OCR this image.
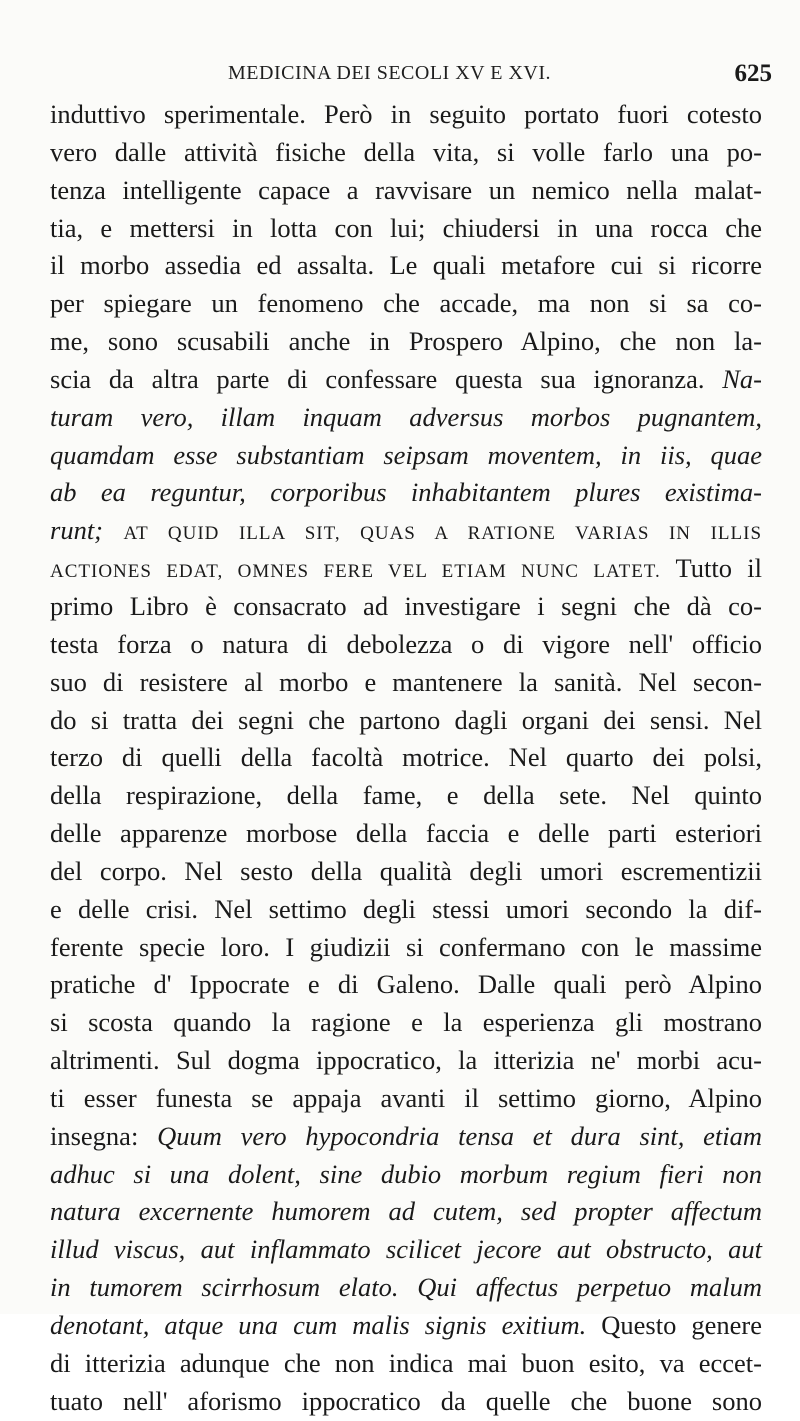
MEDICINA DEI SECOLI XV E XVI.	625
induttivo sperimentale. Però in seguito portato fuori cotesto
vero dalle attività fisiche della vita, si volle farlo una po-
tenza intelligente capace a ravvisare un nemico nella malat-
tia, e mettersi in lotta con lui; chiudersi in una rocca che
il morbo assedia ed assalta. Le quali metafore cui si ricorre
per spiegare un fenomeno che accade, ma non si sa co-
me, sono scusabili anche in Prospero Alpino, che non la-
scia da altra parte di confessare questa sua ignoranza. Na-
turam vero, illam inquam adversus morbos pugnantem,
quamdam esse substantiam seipsam moventem, in iis, quae
ab ea reguntur, corporibus inhabitantem plures existima-
runt; AT QUID ILLA SIT, QUAS A RATIONE VARIAS IN ILLIS
ACTIONES EDAT, OMNES FERE VEL ETIAM NUNC LATET. Tutto il
primo Libro è consacrato ad investigare i segni che dà co-
testa forza o natura di debolezza o di vigore nell' officio
suo di resistere al morbo e mantenere la sanità. Nel secon-
do si tratta dei segni che partono dagli organi dei sensi. Nel
terzo di quelli della facoltà motrice. Nel quarto dei polsi,
della respirazione, della fame, e della sete. Nel quinto
delle apparenze morbose della faccia e delle parti esteriori
del corpo. Nel sesto della qualità degli umori escrementizii
e delle crisi. Nel settimo degli stessi umori secondo la dif-
ferente specie loro. I giudizii si confermano con le massime
pratiche d' Ippocrate e di Galeno. Dalle quali però Alpino
si scosta quando la ragione e la esperienza gli mostrano
altrimenti. Sul dogma ippocratico, la itterizia ne' morbi acu-
ti esser funesta se appaja avanti il settimo giorno, Alpino
insegna: Quum vero hypocondria tensa et dura sint, etiam
adhuc si una dolent, sine dubio morbum regium fieri non
natura excernente humorem ad cutem, sed propter affectum
illud viscus, aut inflammato scilicet jecore aut obstructo, aut
in tumorem scirrhosum elato. Qui affectus perpetuo malum
denotant, atque una cum malis signis exitium. Questo genere
di itterizia adunque che non indica mai buon esito, va eccet-
tuato nell' aforismo ippocratico da quelle che buone sono
